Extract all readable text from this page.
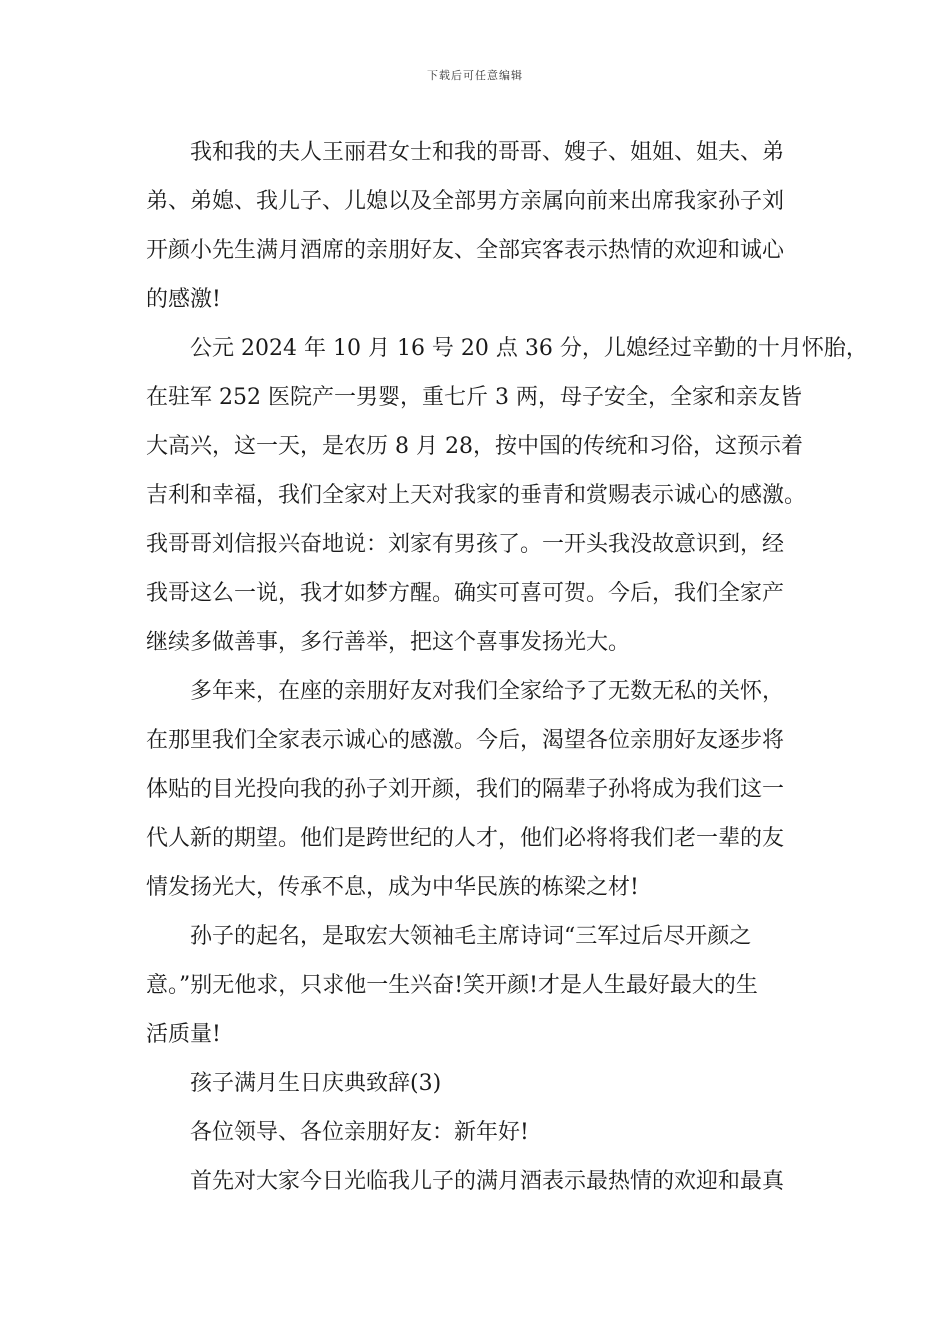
下载后可任意编辑
我和我的夫人王丽君女士和我的哥哥、嫂子、姐姐、姐夫、弟
弟、弟媳、我儿子、儿媳以及全部男方亲属向前来出席我家孙子刘
开颜小先生满月酒席的亲朋好友、全部宾客表示热情的欢迎和诚心
的感激!
公元 2024 年 10 月 16 号 20 点 36 分，儿媳经过辛勤的十月怀胎，
在驻军 252 医院产一男婴，重七斤 3 两，母子安全，全家和亲友皆
大高兴，这一天，是农历 8 月 28，按中国的传统和习俗，这预示着
吉利和幸福，我们全家对上天对我家的垂青和赏赐表示诚心的感激。
我哥哥刘信报兴奋地说：刘家有男孩了。一开头我没故意识到，经
我哥这么一说，我才如梦方醒。确实可喜可贺。今后，我们全家产
继续多做善事，多行善举，把这个喜事发扬光大。
多年来，在座的亲朋好友对我们全家给予了无数无私的关怀，
在那里我们全家表示诚心的感激。今后，渴望各位亲朋好友逐步将
体贴的目光投向我的孙子刘开颜，我们的隔辈子孙将成为我们这一
代人新的期望。他们是跨世纪的人才，他们必将将我们老一辈的友
情发扬光大，传承不息，成为中华民族的栋梁之材!
孙子的起名，是取宏大领袖毛主席诗词“三军过后尽开颜之
意。”别无他求，只求他一生兴奋!笑开颜!才是人生最好最大的生
活质量!
孩子满月生日庆典致辞(3)
各位领导、各位亲朋好友：新年好!
首先对大家今日光临我儿子的满月酒表示最热情的欢迎和最真
